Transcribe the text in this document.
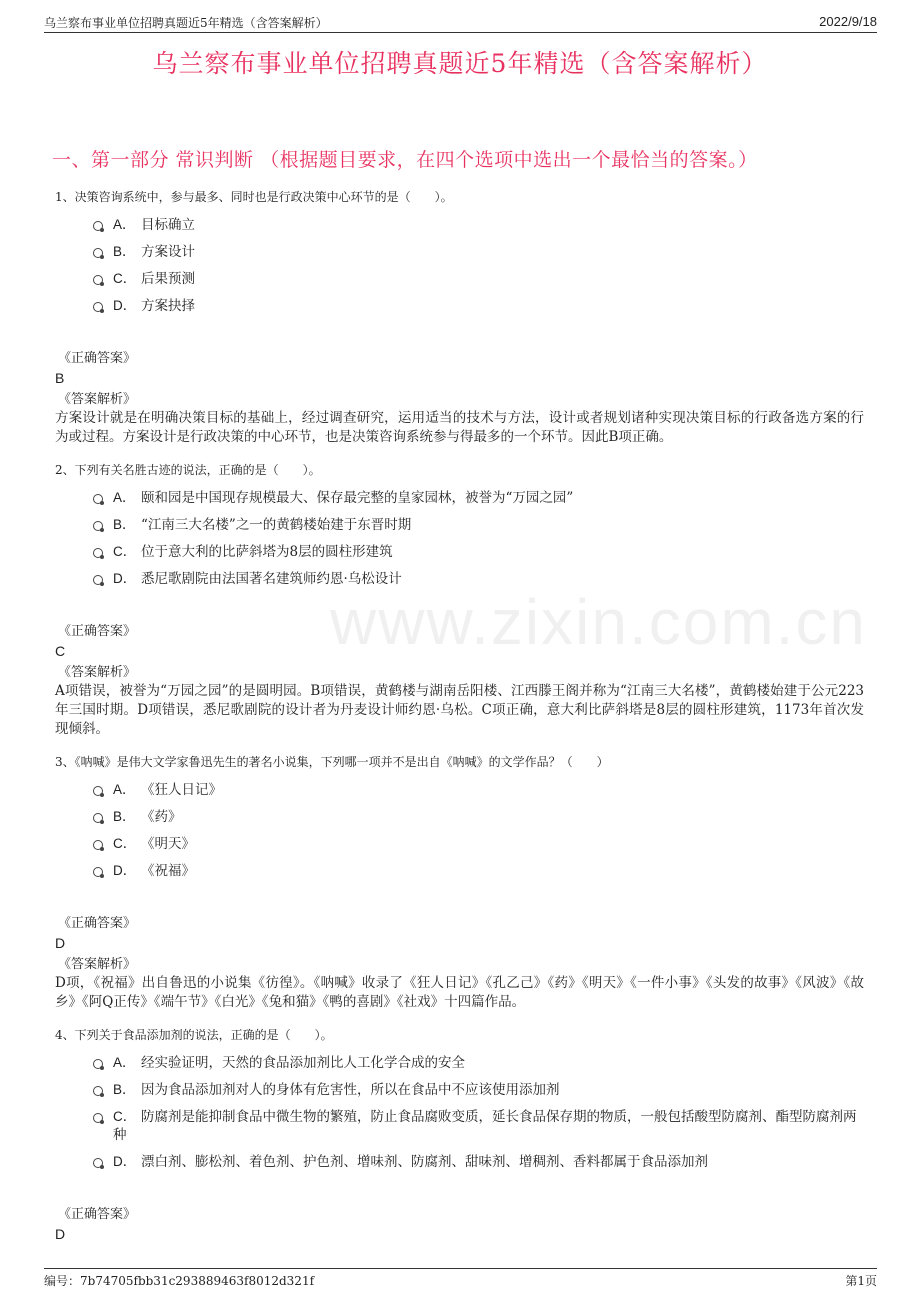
乌兰察布事业单位招聘真题近5年精选（含答案解析）	2022/9/18
乌兰察布事业单位招聘真题近5年精选（含答案解析）
一、第一部分 常识判断 （根据题目要求，在四个选项中选出一个最恰当的答案。）
www.zixin.com.cn
1、决策咨询系统中，参与最多、同时也是行政决策中心环节的是（　　）。
A． 目标确立
B． 方案设计
C． 后果预测
D． 方案抉择
《正确答案》
B
《答案解析》
方案设计就是在明确决策目标的基础上，经过调查研究，运用适当的技术与方法，设计或者规划诸种实现决策目标的行政备选方案的行为或过程。方案设计是行政决策的中心环节，也是决策咨询系统参与得最多的一个环节。因此B项正确。
2、下列有关名胜古迹的说法，正确的是（　　）。
A． 颐和园是中国现存规模最大、保存最完整的皇家园林，被誉为“万园之园”
B． “江南三大名楼”之一的黄鹤楼始建于东晋时期
C． 位于意大利的比萨斜塔为8层的圆柱形建筑
D． 悉尼歌剧院由法国著名建筑师约恩·乌松设计
《正确答案》
C
《答案解析》
A项错误，被誉为“万园之园”的是圆明园。B项错误，黄鹤楼与湖南岳阳楼、江西滕王阁并称为“江南三大名楼”，黄鹤楼始建于公元223年三国时期。D项错误，悉尼歌剧院的设计者为丹麦设计师约恩·乌松。C项正确，意大利比萨斜塔是8层的圆柱形建筑，1173年首次发现倾斜。
3、《呐喊》是伟大文学家鲁迅先生的著名小说集，下列哪一项并不是出自《呐喊》的文学作品？（　　）
A． 《狂人日记》
B． 《药》
C． 《明天》
D． 《祝福》
《正确答案》
D
《答案解析》
D项，《祝福》出自鲁迅的小说集《彷徨》。《呐喊》收录了《狂人日记》《孔乙己》《药》《明天》《一件小事》《头发的故事》《风波》《故乡》《阿Q正传》《端午节》《白光》《兔和猫》《鸭的喜剧》《社戏》十四篇作品。
4、下列关于食品添加剂的说法，正确的是（　　）。
A． 经实验证明，天然的食品添加剂比人工化学合成的安全
B． 因为食品添加剂对人的身体有危害性，所以在食品中不应该使用添加剂
C． 防腐剂是能抑制食品中微生物的繁殖，防止食品腐败变质，延长食品保存期的物质，一般包括酸型防腐剂、酯型防腐剂两种
D． 漂白剂、膨松剂、着色剂、护色剂、增味剂、防腐剂、甜味剂、增稠剂、香料都属于食品添加剂
《正确答案》
D
编号：7b74705fbb31c293889463f8012d321f	第1页
